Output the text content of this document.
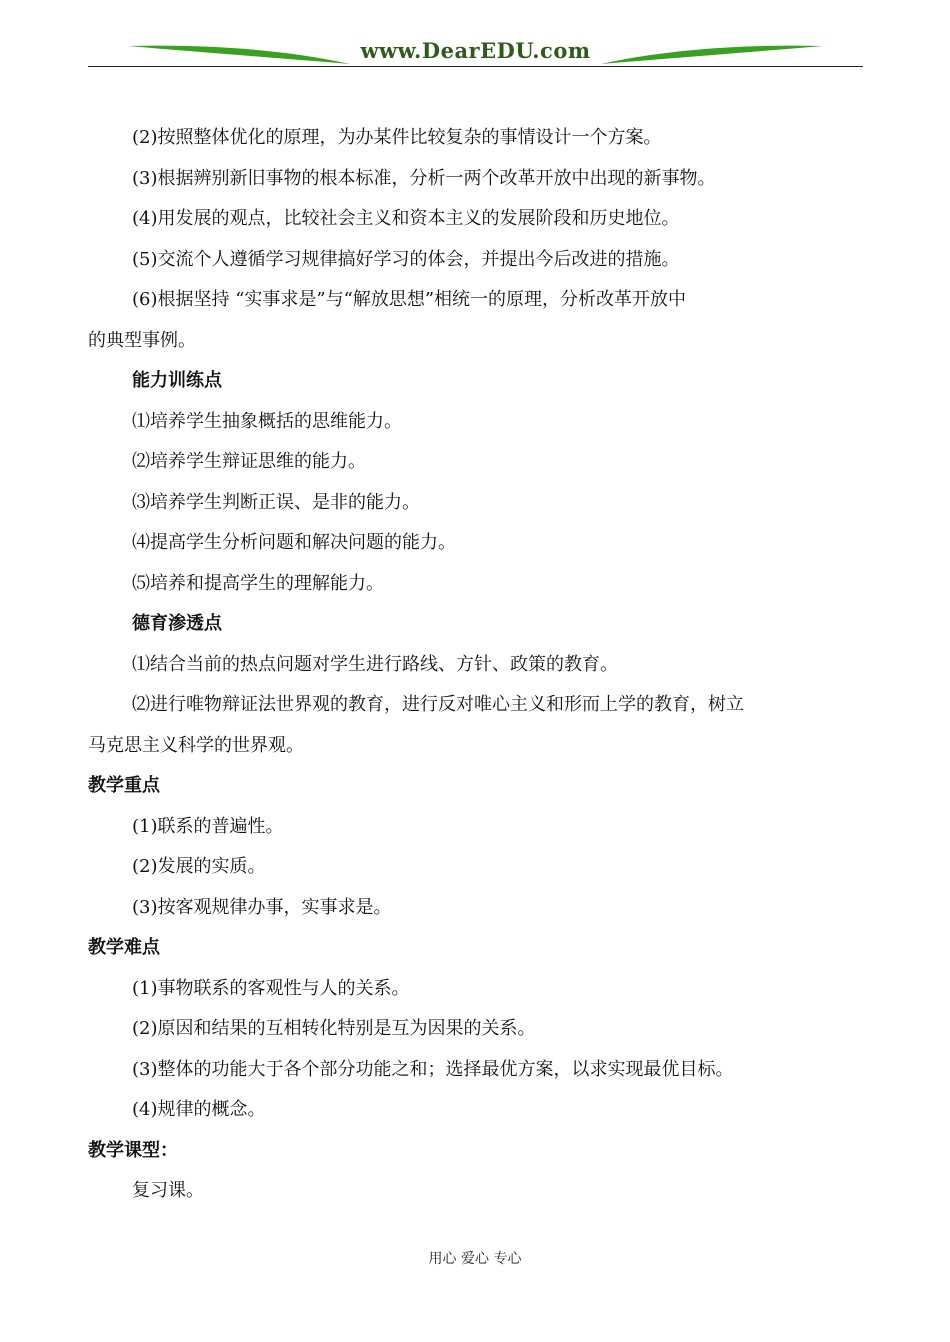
www.DearEDU.com
(2)按照整体优化的原理，为办某件比较复杂的事情设计一个方案。
(3)根据辨别新旧事物的根本标准，分析一两个改革开放中出现的新事物。
(4)用发展的观点，比较社会主义和资本主义的发展阶段和历史地位。
(5)交流个人遵循学习规律搞好学习的体会，并提出今后改进的措施。
(6)根据坚持 “实事求是”与“解放思想”相统一的原理，分析改革开放中
的典型事例。
能力训练点
⑴培养学生抽象概括的思维能力。
⑵培养学生辩证思维的能力。
⑶培养学生判断正误、是非的能力。
⑷提高学生分析问题和解决问题的能力。
⑸培养和提高学生的理解能力。
德育渗透点
⑴结合当前的热点问题对学生进行路线、方针、政策的教育。
⑵进行唯物辩证法世界观的教育，进行反对唯心主义和形而上学的教育，树立
马克思主义科学的世界观。
教学重点
(1)联系的普遍性。
(2)发展的实质。
(3)按客观规律办事，实事求是。
教学难点
(1)事物联系的客观性与人的关系。
(2)原因和结果的互相转化特别是互为因果的关系。
(3)整体的功能大于各个部分功能之和；选择最优方案，以求实现最优目标。
(4)规律的概念。
教学课型：
复习课。
用心 爱心 专心
